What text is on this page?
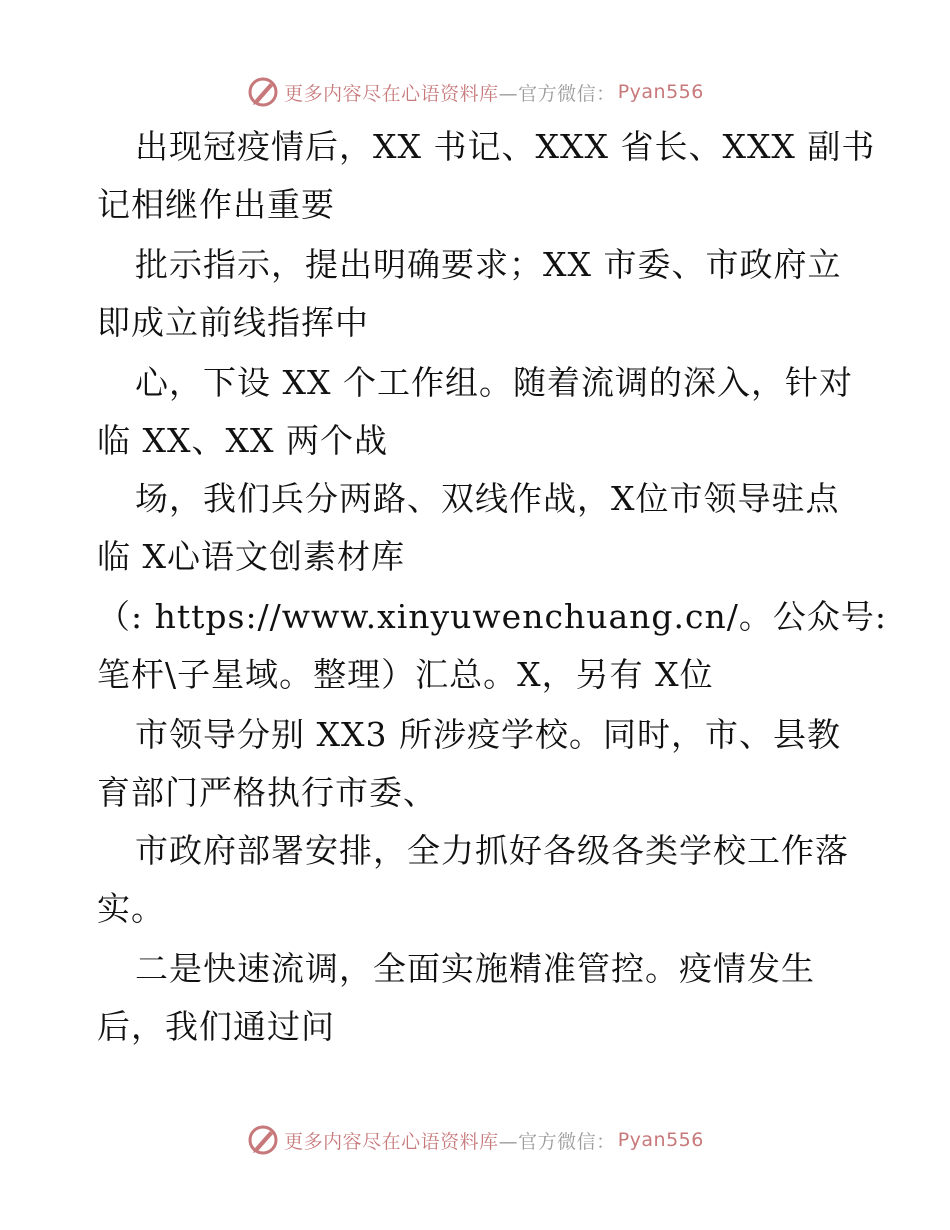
更多内容尽在心语资料库 —官方微信： Pyan556
出现冠疫情后，XX 书记、XXX 省长、XXX 副书
记相继作出重要
批示指示，提出明确要求；XX 市委、市政府立
即成立前线指挥中
心，下设 XX 个工作组。随着流调的深入，针对
临 XX、XX 两个战
场，我们兵分两路、双线作战，X位市领导驻点
临 X心语文创素材库
（: https://www.xinyuwenchuang.cn/。公众号:
笔杆\子星域。整理）汇总。X，另有 X位
市领导分别 XX3 所涉疫学校。同时，市、县教
育部门严格执行市委、
市政府部署安排，全力抓好各级各类学校工作落
实。
二是快速流调，全面实施精准管控。疫情发生
后，我们通过问
更多内容尽在心语资料库 —官方微信： Pyan556
